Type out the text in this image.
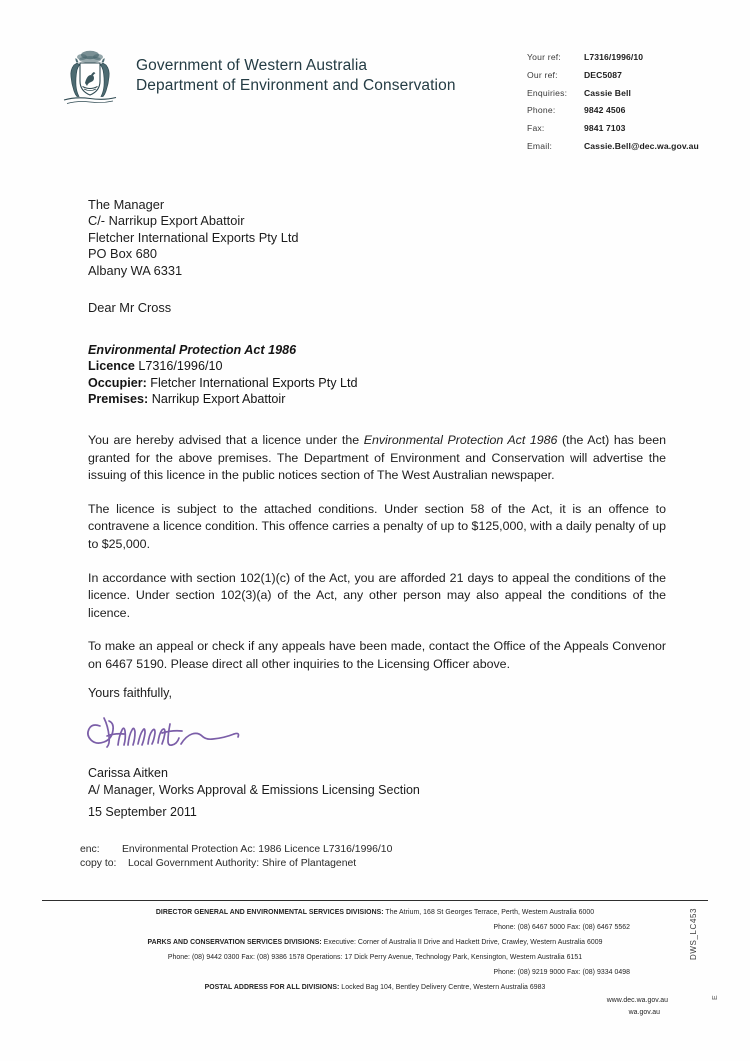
Government of Western Australia
Department of Environment and Conservation
Your ref:	L7316/1996/10
Our ref:	DEC5087
Enquiries:	Cassie Bell
Phone:	9842 4506
Fax:	9841 7103
Email:	Cassie.Bell@dec.wa.gov.au
The Manager
C/- Narrikup Export Abattoir
Fletcher International Exports Pty Ltd
PO Box 680
Albany WA 6331
Dear Mr Cross
Environmental Protection Act 1986
Licence L7316/1996/10
Occupier: Fletcher International Exports Pty Ltd
Premises: Narrikup Export Abattoir

You are hereby advised that a licence under the Environmental Protection Act 1986 (the Act) has been granted for the above premises. The Department of Environment and Conservation will advertise the issuing of this licence in the public notices section of The West Australian newspaper.

The licence is subject to the attached conditions. Under section 58 of the Act, it is an offence to contravene a licence condition. This offence carries a penalty of up to $125,000, with a daily penalty of up to $25,000.

In accordance with section 102(1)(c) of the Act, you are afforded 21 days to appeal the conditions of the licence. Under section 102(3)(a) of the Act, any other person may also appeal the conditions of the licence.

To make an appeal or check if any appeals have been made, contact the Office of the Appeals Convenor on 6467 5190. Please direct all other inquiries to the Licensing Officer above.

Yours faithfully,
Carissa Aitken
A/ Manager, Works Approval & Emissions Licensing Section
15 September 2011
enc:	Environmental Protection Ac: 1986 Licence L7316/1996/10
copy to:	Local Government Authority: Shire of Plantagenet
DIRECTOR GENERAL AND ENVIRONMENTAL SERVICES DIVISIONS: The Atrium, 168 St Georges Terrace, Perth, Western Australia 6000
Phone: (08) 6467 5000 Fax: (08) 6467 5562
PARKS AND CONSERVATION SERVICES DIVISIONS: Executive: Corner of Australia II Drive and Hackett Drive, Crawley, Western Australia 6009
Phone: (08) 9442 0300 Fax: (08) 9386 1578 Operations: 17 Dick Perry Avenue, Technology Park, Kensington, Western Australia 6151
Phone: (08) 9219 9000 Fax: (08) 9334 0498
POSTAL ADDRESS FOR ALL DIVISIONS: Locked Bag 104, Bentley Delivery Centre, Western Australia 6983
www.dec.wa.gov.au
wa.gov.au
DWS_LC453
E
